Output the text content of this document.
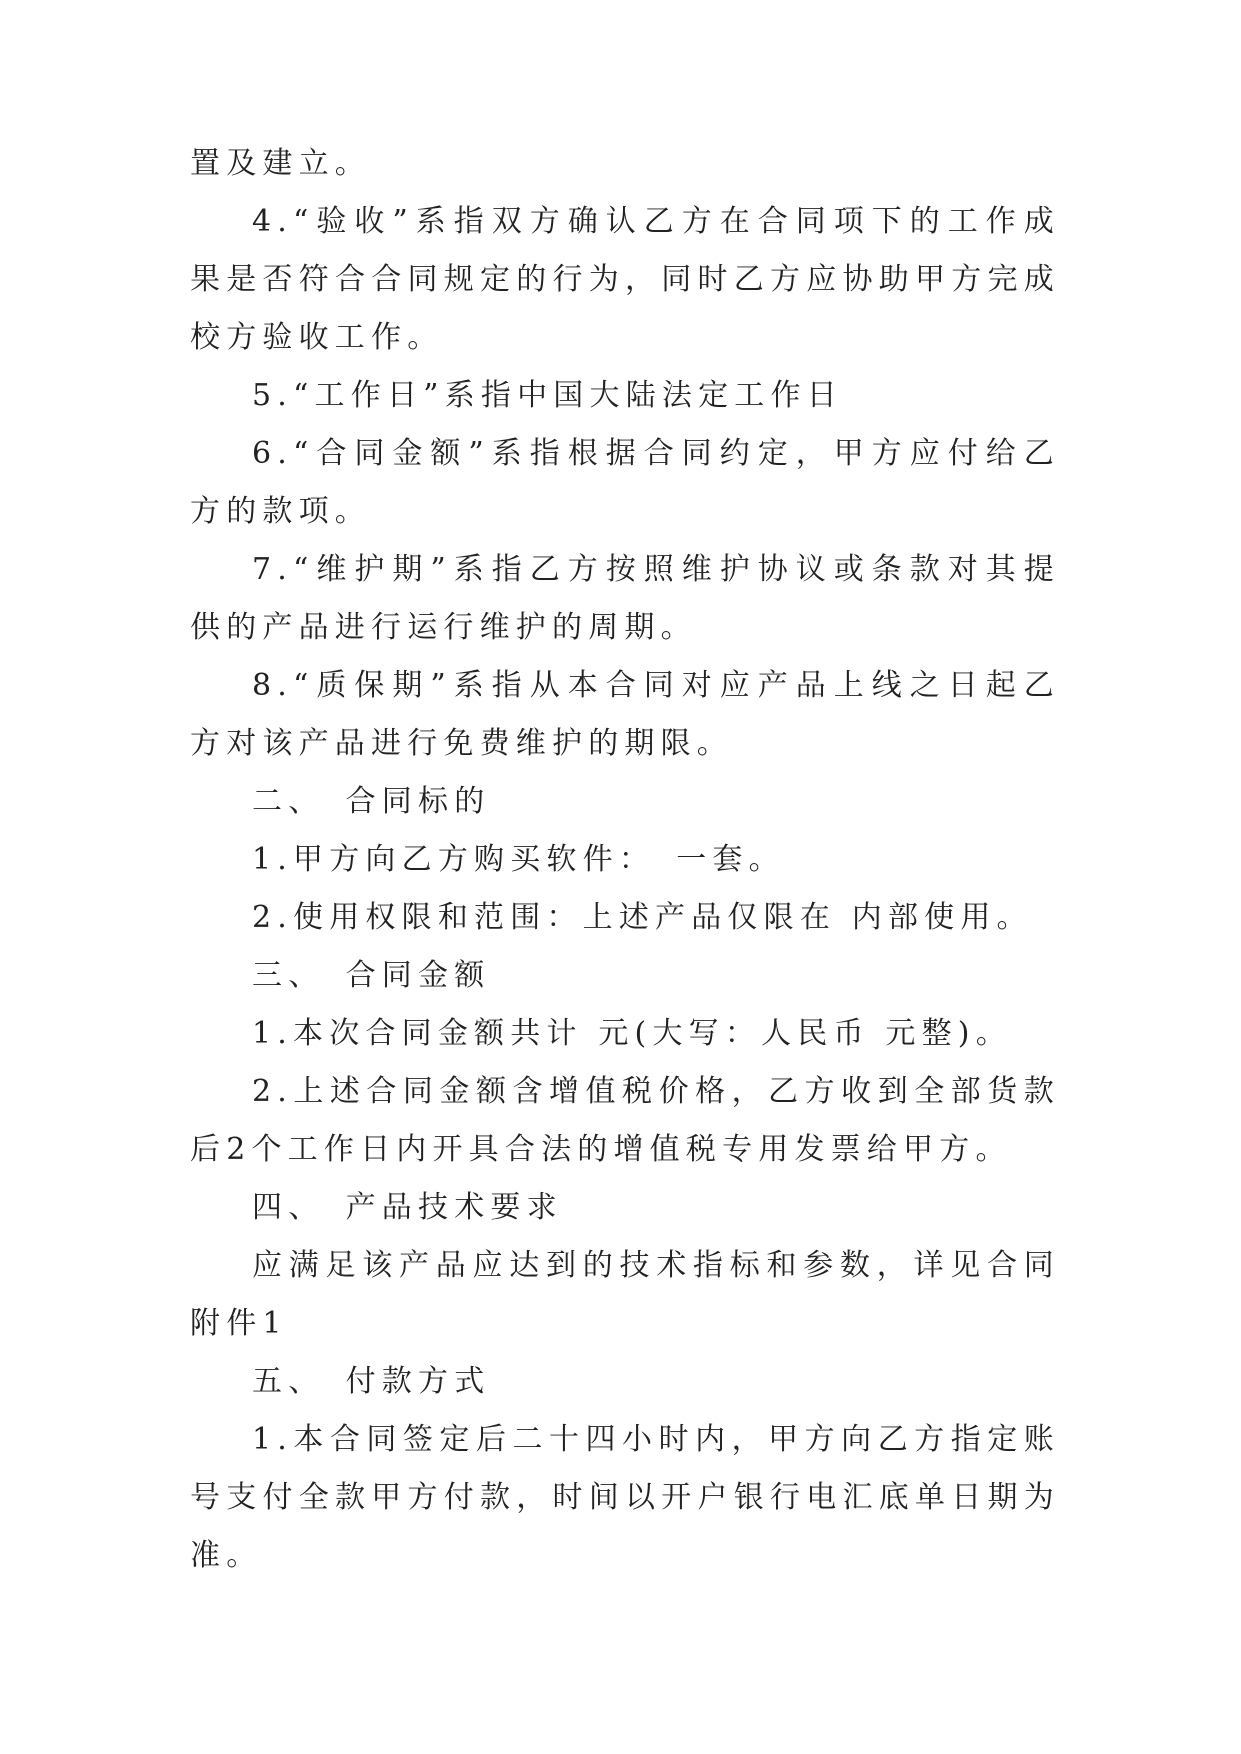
置及建立。

4.“验收”系指双方确认乙方在合同项下的工作成果是否符合合同规定的行为，同时乙方应协助甲方完成校方验收工作。

5.“工作日”系指中国大陆法定工作日

6.“合同金额”系指根据合同约定，甲方应付给乙方的款项。

7.“维护期”系指乙方按照维护协议或条款对其提供的产品进行运行维护的周期。

8.“质保期”系指从本合同对应产品上线之日起乙方对该产品进行免费维护的期限。

二、　合同标的

1.甲方向乙方购买软件：　一套。

2.使用权限和范围：上述产品仅限在 内部使用。

三、　合同金额

1.本次合同金额共计 元(大写：人民币 元整)。

2.上述合同金额含增值税价格，乙方收到全部货款后2个工作日内开具合法的增值税专用发票给甲方。

四、　产品技术要求

应满足该产品应达到的技术指标和参数，详见合同附件1

五、　付款方式

1.本合同签定后二十四小时内，甲方向乙方指定账号支付全款甲方付款，时间以开户银行电汇底单日期为准。
